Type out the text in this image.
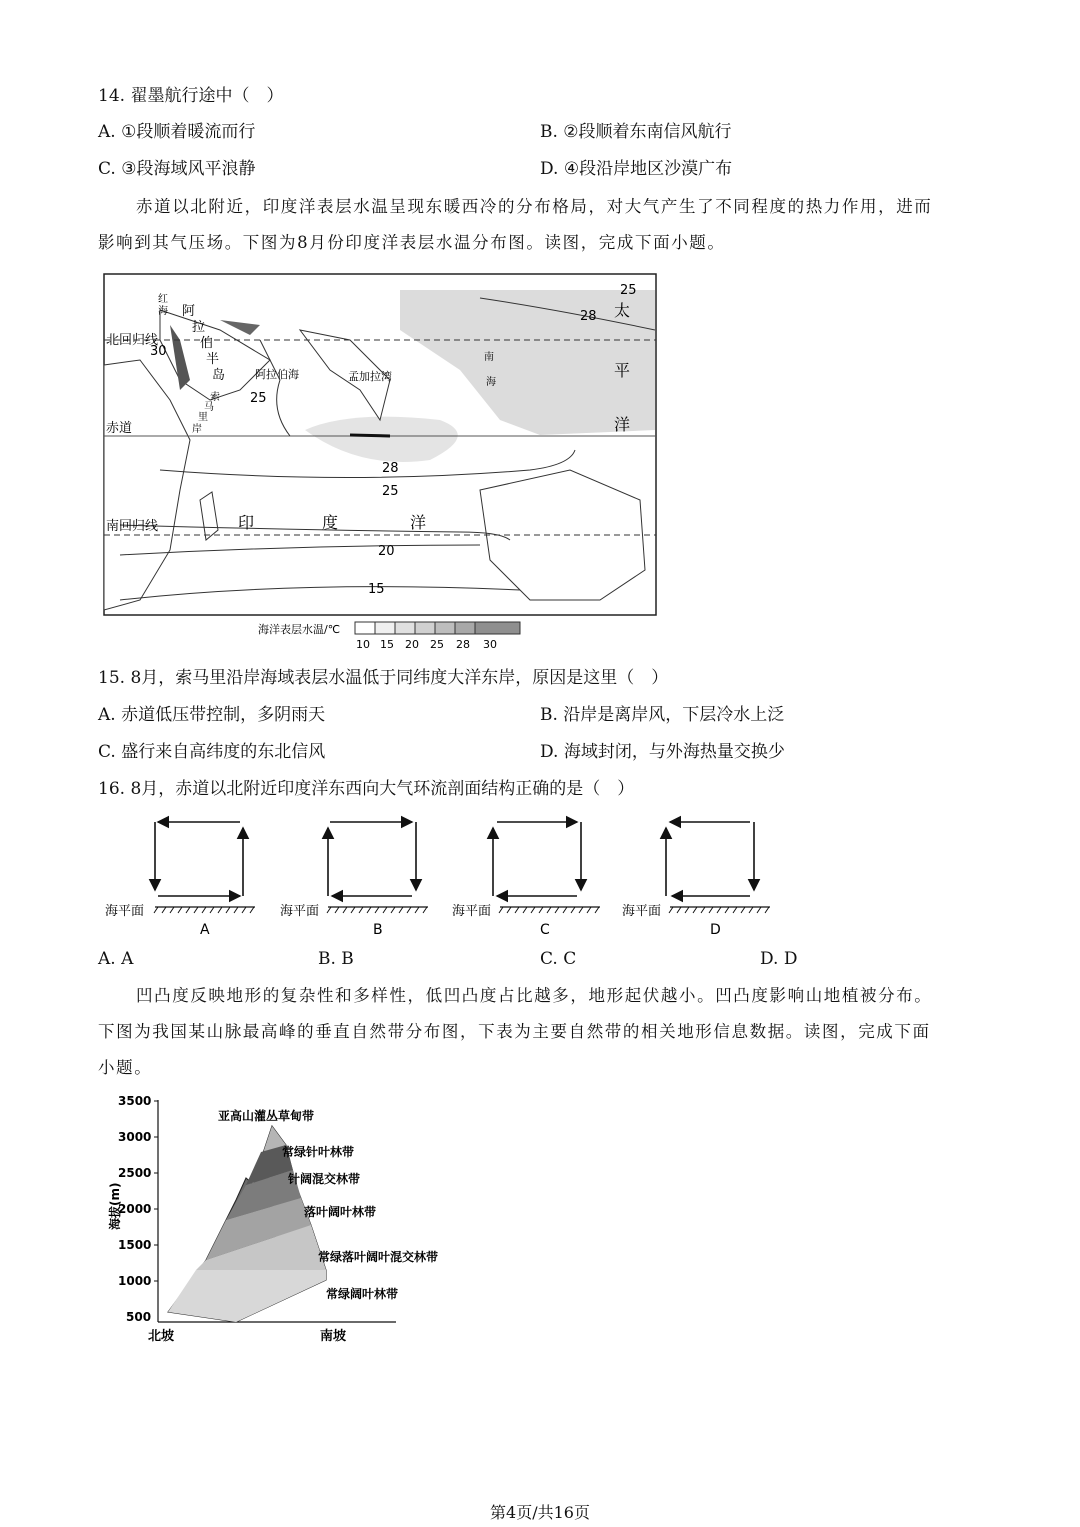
14. 翟墨航行途中（　）
A. ①段顺着暖流而行	B. ②段顺着东南信风航行
C. ③段海域风平浪静	D. ④段沿岸地区沙漠广布
赤道以北附近，印度洋表层水温呈现东暖西冷的分布格局，对大气产生了不同程度的热力作用，进而
影响到其气压场。下图为8月份印度洋表层水温分布图。读图，完成下面小题。
北回归线
赤道
南回归线
阿
拉
伯
半
岛	阿拉伯海	孟加拉湾
索
马
里
岸
红
海
南
海
太
平
洋
印	度	洋
30
28
28
25
25
25
20
15
海洋表层水温/℃
10 15 20 25 28 30
15. 8月，索马里沿岸海域表层水温低于同纬度大洋东岸，原因是这里（　）
A. 赤道低压带控制，多阴雨天	B. 沿岸是离岸风，下层冷水上泛
C. 盛行来自高纬度的东北信风	D. 海域封闭，与外海热量交换少
16. 8月，赤道以北附近印度洋东西向大气环流剖面结构正确的是（　）
海平面
A
海平面
B
海平面
C
海平面
D
A. A	B. B	C. C	D. D
凹凸度反映地形的复杂性和多样性，低凹凸度占比越多，地形起伏越小。凹凸度影响山地植被分布。
下图为我国某山脉最高峰的垂直自然带分布图，下表为主要自然带的相关地形信息数据。读图，完成下面
小题。
海拔(m)
3500
3000
2500
2000
1500
1000
500
亚高山灌丛草甸带
常绿针叶林带
针阔混交林带
落叶阔叶林带
常绿落叶阔叶混交林带
常绿阔叶林带
北坡	南坡
第4页/共16页
